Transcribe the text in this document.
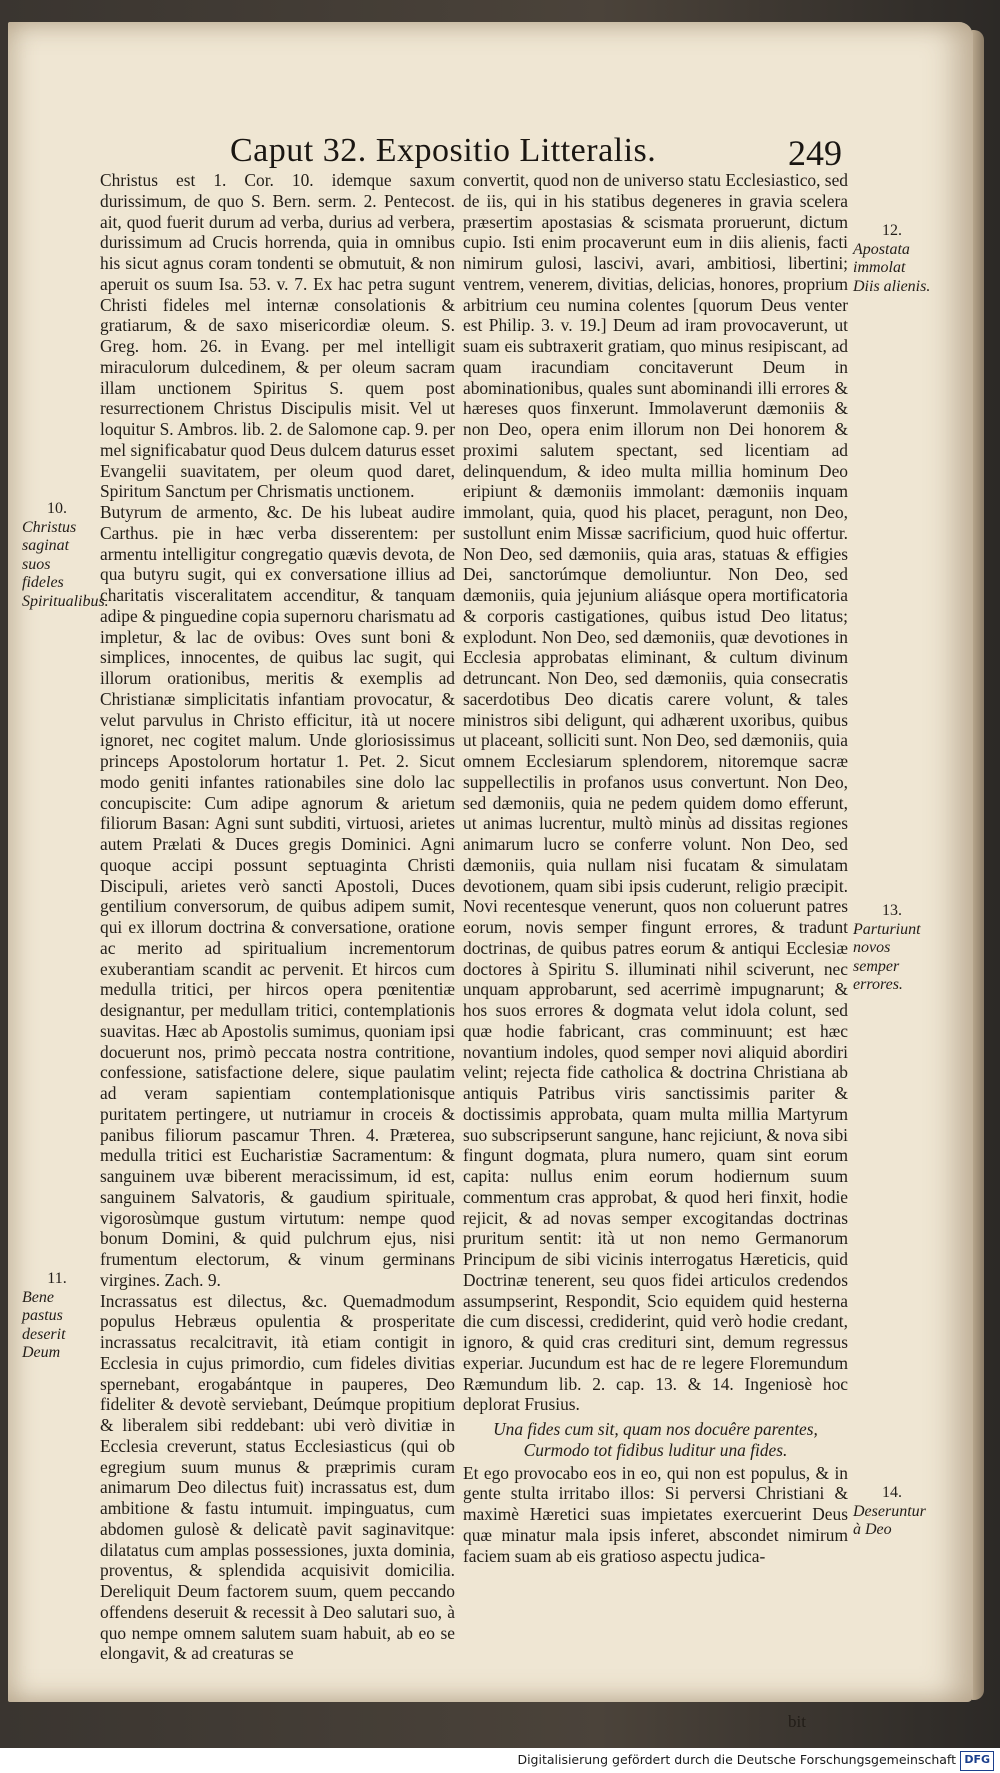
Caput 32. Expositio Litteralis.	249

Christus est 1. Cor. 10. idemque saxum durissimum, de quo S. Bern. serm. 2. Pentecost. ait, quod fuerit durum ad verba, durius ad verbera, durissimum ad Crucis horrenda, quia in omnibus his sicut agnus coram tondenti se obmutuit, & non aperuit os suum Isa. 53. v. 7. Ex hac petra sugunt Christi fideles mel internæ consolationis & gratiarum, & de saxo misericordiæ oleum. S. Greg. hom. 26. in Evang. per mel intelligit miraculorum dulcedinem, & per oleum sacram illam unctionem Spiritus S. quem post resurrectionem Christus Discipulis misit. Vel ut loquitur S. Ambros. lib. 2. de Salomone cap. 9. per mel significabatur quod Deus dulcem daturus esset Evangelii suavitatem, per oleum quod daret, Spiritum Sanctum per Chrismatis unctionem.

Butyrum de armento, &c. De his lubeat audire Carthus. pie in hæc verba disserentem: per armentu intelligitur congregatio quævis devota, de qua butyru sugit, qui ex conversatione illius ad charitatis visceralitatem accenditur, & tanquam adipe & pinguedine copia supernoru charismatu ad impletur, & lac de ovibus: Oves sunt boni & simplices, innocentes, de quibus lac sugit, qui illorum orationibus, meritis & exemplis ad Christianæ simplicitatis infantiam provocatur, & velut parvulus in Christo efficitur, ità ut nocere ignoret, nec cogitet malum. Unde gloriosissimus princeps Apostolorum hortatur 1. Pet. 2. Sicut modo geniti infantes rationabiles sine dolo lac concupiscite: Cum adipe agnorum & arietum filiorum Basan: Agni sunt subditi, virtuosi, arietes autem Prælati & Duces gregis Dominici. Agni quoque accipi possunt septuaginta Christi Discipuli, arietes verò sancti Apostoli, Duces gentilium conversorum, de quibus adipem sumit, qui ex illorum doctrina & conversatione, oratione ac merito ad spiritualium incrementorum exuberantiam scandit ac pervenit. Et hircos cum medulla tritici, per hircos opera pœnitentiæ designantur, per medullam tritici, contemplationis suavitas. Hæc ab Apostolis sumimus, quoniam ipsi docuerunt nos, primò peccata nostra contritione, confessione, satisfactione delere, sique paulatim ad veram sapientiam contemplationisque puritatem pertingere, ut nutriamur in croceis & panibus filiorum pascamur Thren. 4. Præterea, medulla tritici est Eucharistiæ Sacramentum: & sanguinem uvæ biberent meracissimum, id est, sanguinem Salvatoris, & gaudium spirituale, vigorosùmque gustum virtutum: nempe quod bonum Domini, & quid pulchrum ejus, nisi frumentum electorum, & vinum germinans virgines. Zach. 9.

Incrassatus est dilectus, &c. Quemadmodum populus Hebræus opulentia & prosperitate incrassatus recalcitravit, ità etiam contigit in Ecclesia in cujus primordio, cum fideles divitias spernebant, erogabántque in pauperes, Deo fideliter & devotè serviebant, Deúmque propitium & liberalem sibi reddebant: ubi verò divitiæ in Ecclesia creverunt, status Ecclesiasticus (qui ob egregium suum munus & præprimis curam animarum Deo dilectus fuit) incrassatus est, dum ambitione & fastu intumuit. impinguatus, cum abdomen gulosè & delicatè pavit saginavitque: dilatatus cum amplas possessiones, juxta dominia, proventus, & splendida acquisivit domicilia. Dereliquit Deum factorem suum, quem peccando offendens deseruit & recessit à Deo salutari suo, à quo nempe omnem salutem suam habuit, ab eo se elongavit, & ad creaturas se

convertit, quod non de universo statu Ecclesiastico, sed de iis, qui in his statibus degeneres in gravia scelera præsertim apostasias & scismata proruerunt, dictum cupio. Isti enim procaverunt eum in diis alienis, facti nimirum gulosi, lascivi, avari, ambitiosi, libertini; ventrem, venerem, divitias, delicias, honores, proprium arbitrium ceu numina colentes [quorum Deus venter est Philip. 3. v. 19.] Deum ad iram provocaverunt, ut suam eis subtraxerit gratiam, quo minus resipiscant, ad quam iracundiam concitaverunt Deum in abominationibus, quales sunt abominandi illi errores & hæreses quos finxerunt. Immolaverunt dæmoniis & non Deo, opera enim illorum non Dei honorem & proximi salutem spectant, sed licentiam ad delinquendum, & ideo multa millia hominum Deo eripiunt & dæmoniis immolant: dæmoniis inquam immolant, quia, quod his placet, peragunt, non Deo, sustollunt enim Missæ sacrificium, quod huic offertur. Non Deo, sed dæmoniis, quia aras, statuas & effigies Dei, sanctorúmque demoliuntur. Non Deo, sed dæmoniis, quia jejunium aliásque opera mortificatoria & corporis castigationes, quibus istud Deo litatus; explodunt. Non Deo, sed dæmoniis, quæ devotiones in Ecclesia approbatas eliminant, & cultum divinum detruncant. Non Deo, sed dæmoniis, quia consecratis sacerdotibus Deo dicatis carere volunt, & tales ministros sibi deligunt, qui adhærent uxoribus, quibus ut placeant, solliciti sunt. Non Deo, sed dæmoniis, quia omnem Ecclesiarum splendorem, nitoremque sacræ suppellectilis in profanos usus convertunt. Non Deo, sed dæmoniis, quia ne pedem quidem domo efferunt, ut animas lucrentur, multò minùs ad dissitas regiones animarum lucro se conferre volunt. Non Deo, sed dæmoniis, quia nullam nisi fucatam & simulatam devotionem, quam sibi ipsis cuderunt, religio præcipit. Novi recentesque venerunt, quos non coluerunt patres eorum, novis semper fingunt errores, & tradunt doctrinas, de quibus patres eorum & antiqui Ecclesiæ doctores à Spiritu S. illuminati nihil sciverunt, nec unquam approbarunt, sed acerrimè impugnarunt; & hos suos errores & dogmata velut idola colunt, sed quæ hodie fabricant, cras comminuunt; est hæc novantium indoles, quod semper novi aliquid abordiri velint; rejecta fide catholica & doctrina Christiana ab antiquis Patribus viris sanctissimis pariter & doctissimis approbata, quam multa millia Martyrum suo subscripserunt sangune, hanc rejiciunt, & nova sibi fingunt dogmata, plura numero, quam sint eorum capita: nullus enim eorum hodiernum suum commentum cras approbat, & quod heri finxit, hodie rejicit, & ad novas semper excogitandas doctrinas pruritum sentit: ità ut non nemo Germanorum Principum de sibi vicinis interrogatus Hæreticis, quid Doctrinæ tenerent, seu quos fidei articulos credendos assumpserint, Respondit, Scio equidem quid hesterna die cum discessi, crediderint, quid verò hodie credant, ignoro, & quid cras credituri sint, demum regressus experiar. Jucundum est hac de re legere Floremundum Ræmundum lib. 2. cap. 13. & 14. Ingeniosè hoc deplorat Frusius.

Una fides cum sit, quam nos docuêre parentes,
Curmodo tot fidibus luditur una fides.

Et ego provocabo eos in eo, qui non est populus, & in gente stulta irritabo illos: Si perversi Christiani & maximè Hæretici suas impietates exercuerint Deus quæ minatur mala ipsis inferet, abscondet nimirum faciem suam ab eis gratioso aspectu judica-

bit
10.
Christus saginat suos fideles Spiritualibus.
11.
Bene pastus deserit Deum
12.
Apostata immolat Diis alienis.
13.
Parturiunt novos semper errores.
14.
Deseruntur à Deo
Digitalisierung gefördert durch die Deutsche Forschungsgemeinschaft DFG
